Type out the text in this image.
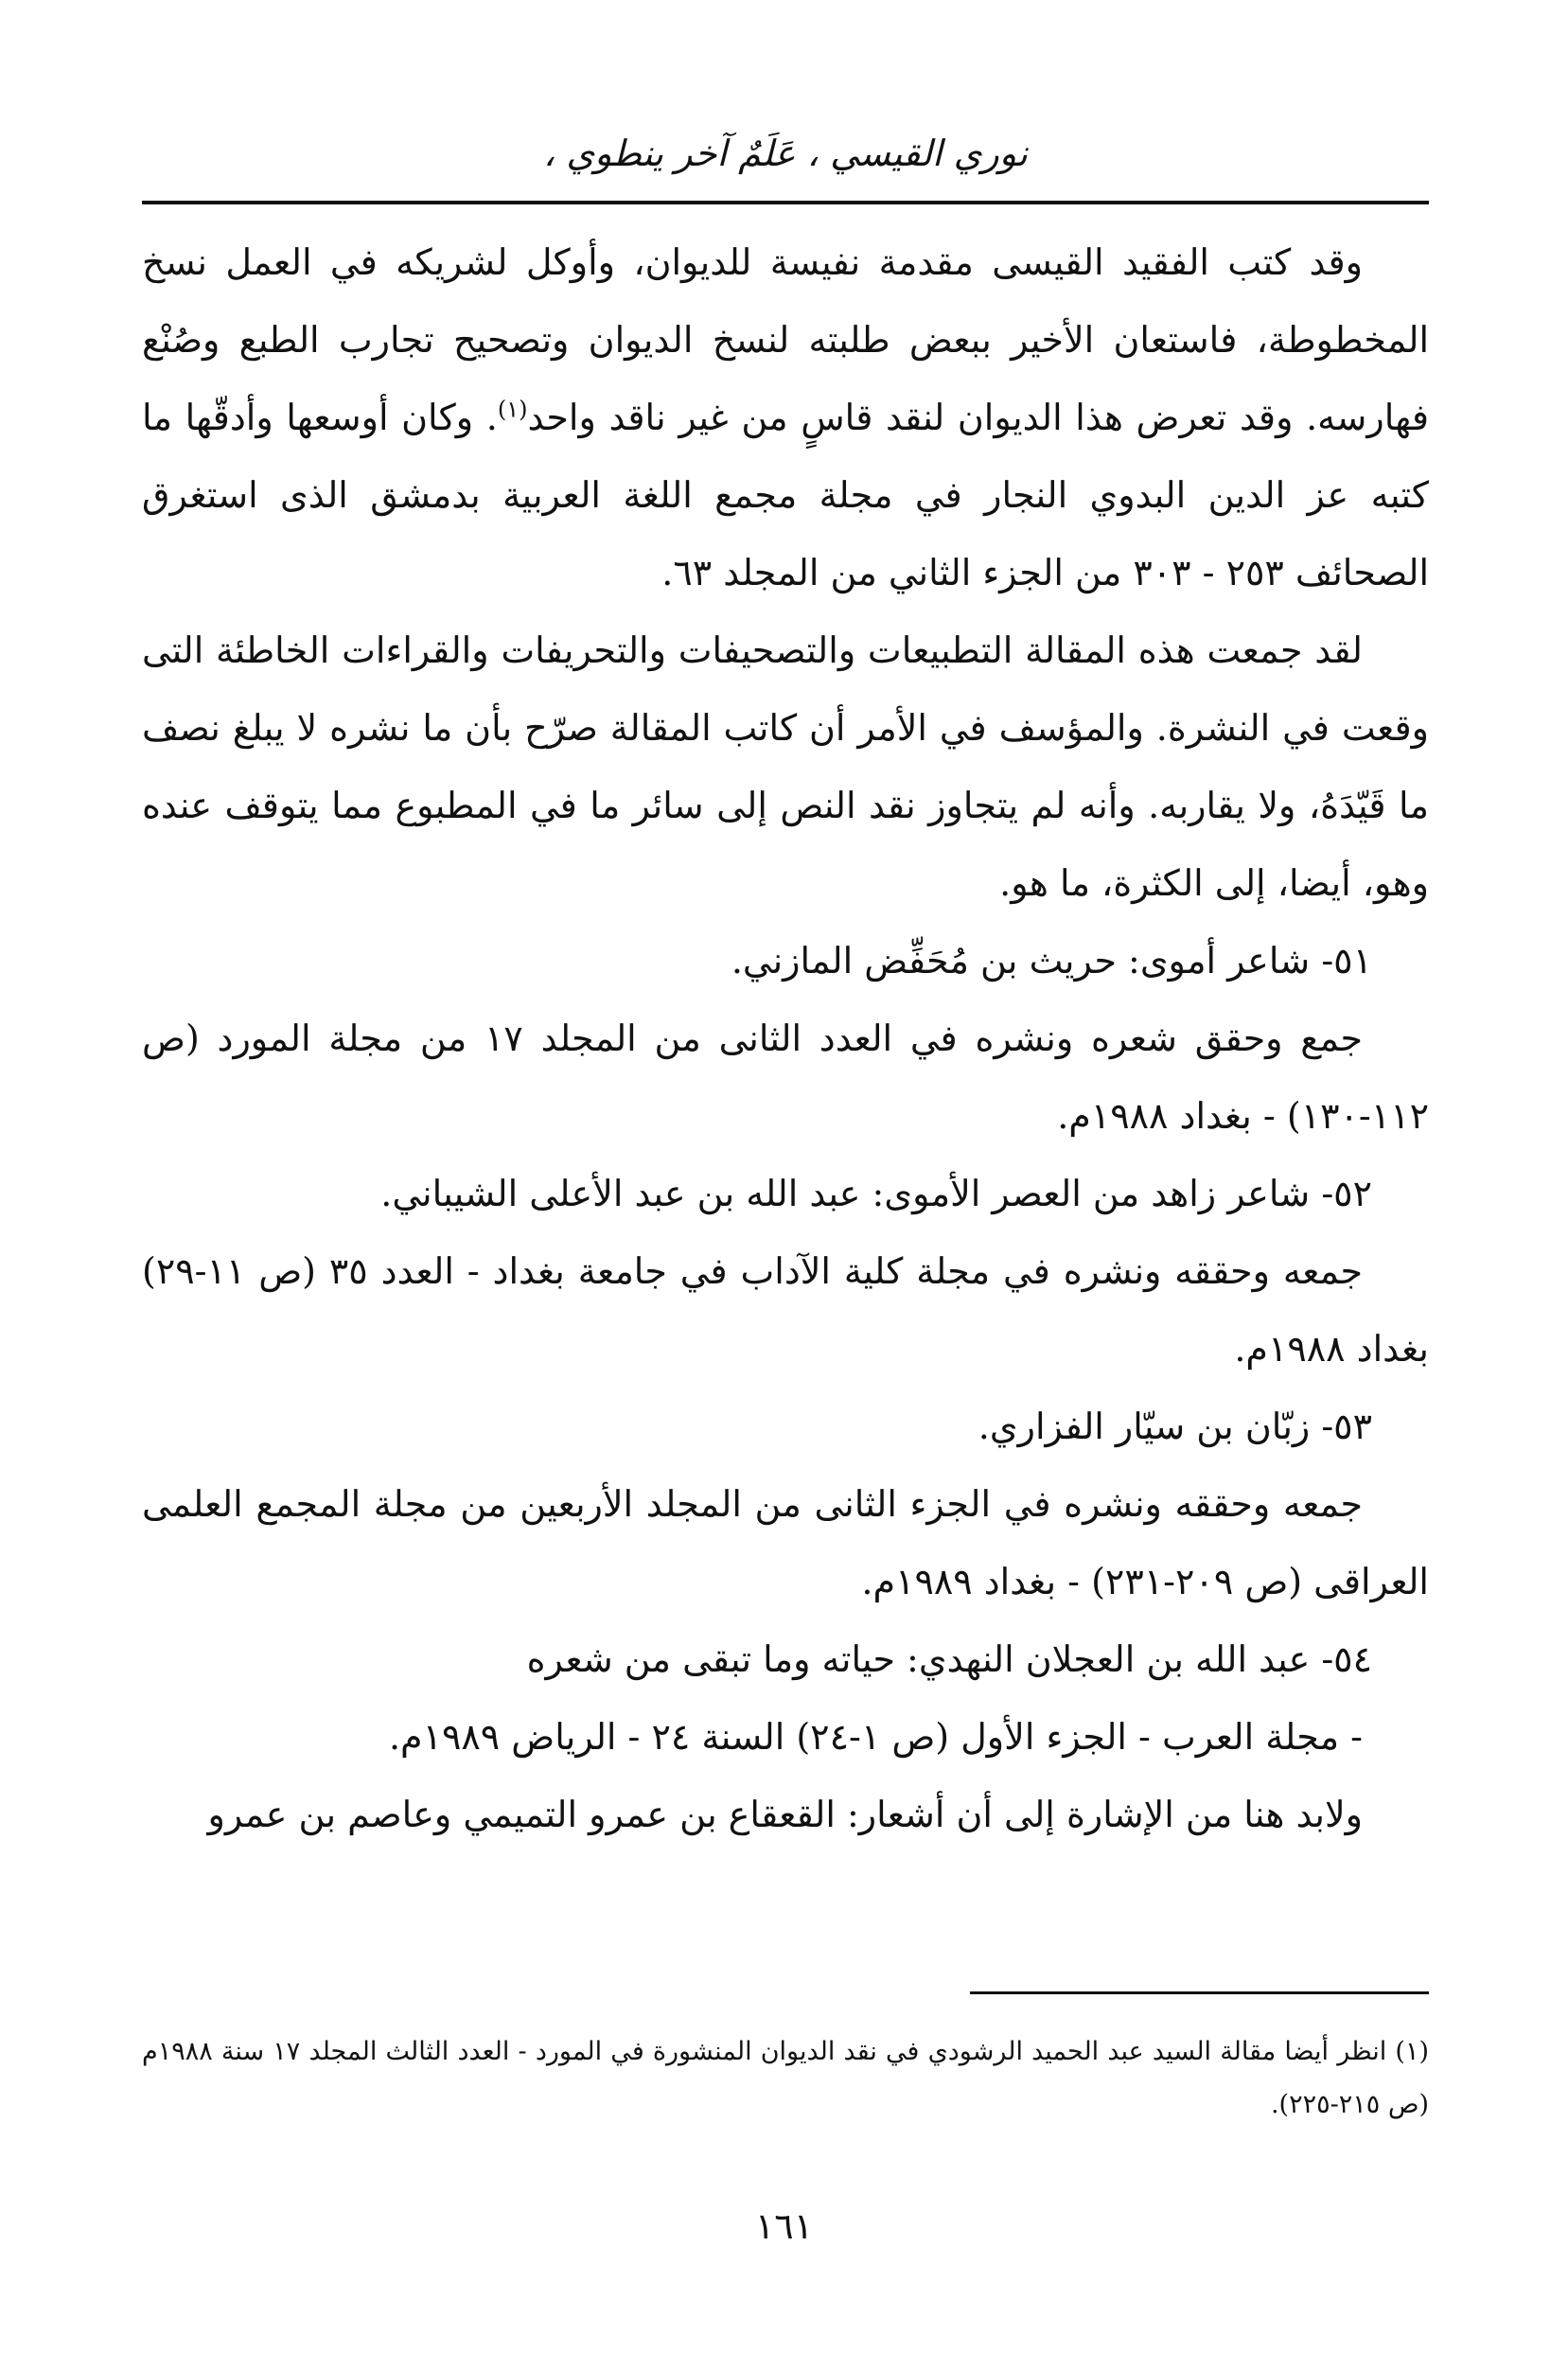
نوري القيسي ، عَلَمٌ آخر ينطوي ،

وقد كتب الفقيد القيسى مقدمة نفيسة للديوان، وأوكل لشريكه في العمل نسخ المخطوطة، فاستعان الأخير ببعض طلبته لنسخ الديوان وتصحيح تجارب الطبع وصُنْع فهارسه. وقد تعرض هذا الديوان لنقد قاسٍ من غير ناقد واحد$^{(١)}$. وكان أوسعها وأدقّها ما كتبه عز الدين البدوي النجار في مجلة مجمع اللغة العربية بدمشق الذى استغرق الصحائف ٢٥٣ - ٣٠٣ من الجزء الثاني من المجلد ٦٣.

لقد جمعت هذه المقالة التطبيعات والتصحيفات والتحريفات والقراءات الخاطئة التى وقعت في النشرة. والمؤسف في الأمر أن كاتب المقالة صرّح بأن ما نشره لا يبلغ نصف ما قَيّدَهُ، ولا يقاربه. وأنه لم يتجاوز نقد النص إلى سائر ما في المطبوع مما يتوقف عنده وهو، أيضا، إلى الكثرة، ما هو.

٥١- شاعر أموى: حريث بن مُحَفِّض المازني.

جمع وحقق شعره ونشره في العدد الثانى من المجلد ١٧ من مجلة المورد (ص ١١٢-١٣٠) - بغداد ١٩٨٨م.

٥٢- شاعر زاهد من العصر الأموى: عبد الله بن عبد الأعلى الشيباني.

جمعه وحققه ونشره في مجلة كلية الآداب في جامعة بغداد - العدد ٣٥ (ص ١١-٢٩) بغداد ١٩٨٨م.

٥٣- زبّان بن سيّار الفزاري.

جمعه وحققه ونشره في الجزء الثانى من المجلد الأربعين من مجلة المجمع العلمى العراقى (ص ٢٠٩-٢٣١) - بغداد ١٩٨٩م.

٥٤- عبد الله بن العجلان النهدي: حياته وما تبقى من شعره

- مجلة العرب - الجزء الأول (ص ١-٢٤) السنة ٢٤ - الرياض ١٩٨٩م.

ولابد هنا من الإشارة إلى أن أشعار: القعقاع بن عمرو التميمي وعاصم بن عمرو

(١) انظر أيضا مقالة السيد عبد الحميد الرشودي في نقد الديوان المنشورة في المورد - العدد الثالث المجلد ١٧ سنة ١٩٨٨م (ص ٢١٥-٢٢٥).
١٦١
